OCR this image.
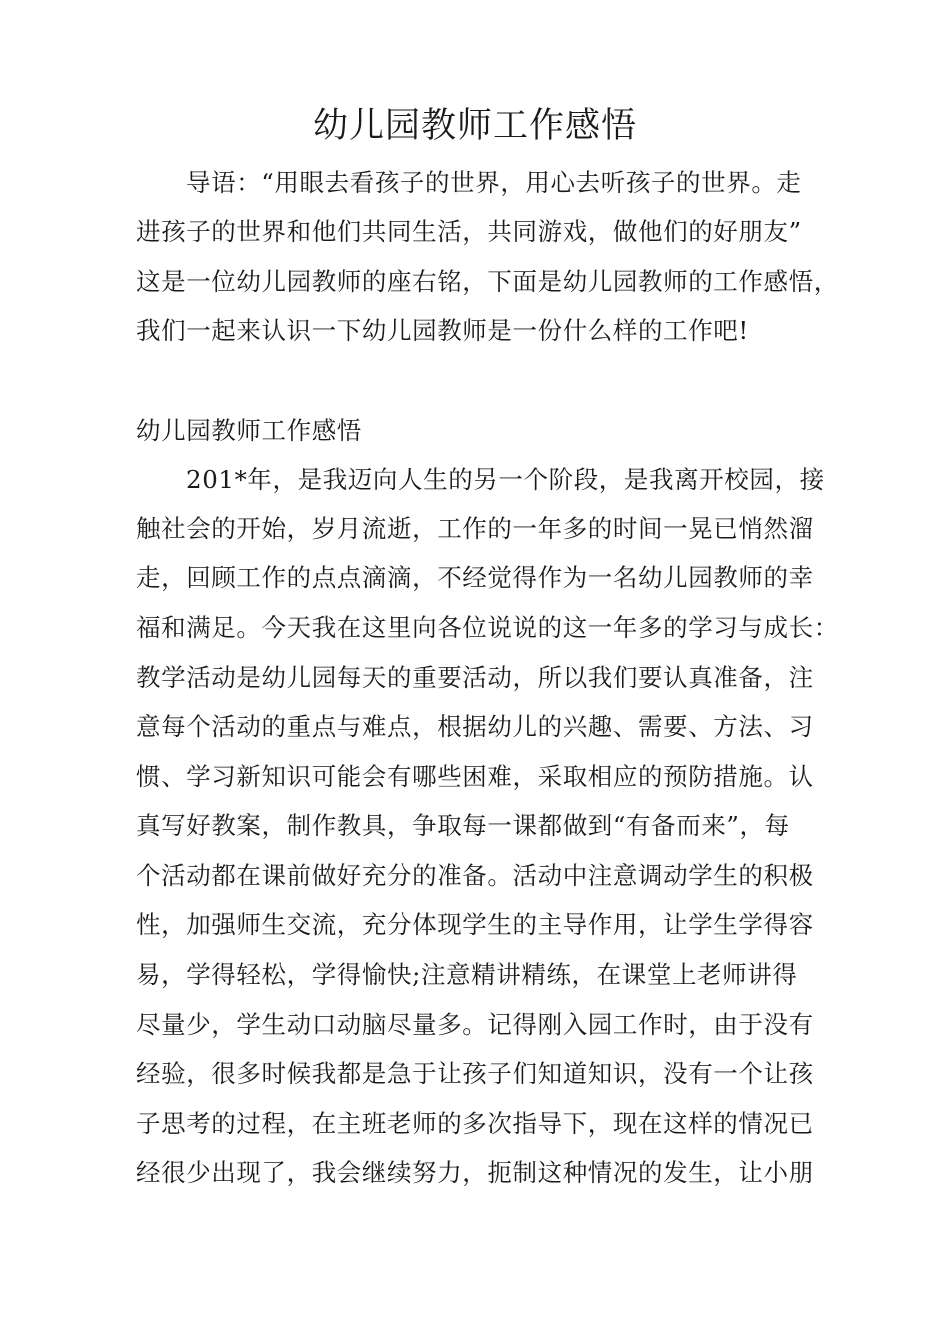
幼儿园教师工作感悟
导语：“用眼去看孩子的世界，用心去听孩子的世界。走
进孩子的世界和他们共同生活，共同游戏，做他们的好朋友”
这是一位幼儿园教师的座右铭，下面是幼儿园教师的工作感悟，
我们一起来认识一下幼儿园教师是一份什么样的工作吧!
幼儿园教师工作感悟
201*年，是我迈向人生的另一个阶段，是我离开校园，接
触社会的开始，岁月流逝，工作的一年多的时间一晃已悄然溜
走，回顾工作的点点滴滴，不经觉得作为一名幼儿园教师的幸
福和满足。今天我在这里向各位说说的这一年多的学习与成长：
教学活动是幼儿园每天的重要活动，所以我们要认真准备，注
意每个活动的重点与难点，根据幼儿的兴趣、需要、方法、习
惯、学习新知识可能会有哪些困难，采取相应的预防措施。认
真写好教案，制作教具，争取每一课都做到“有备而来”，每
个活动都在课前做好充分的准备。活动中注意调动学生的积极
性，加强师生交流，充分体现学生的主导作用，让学生学得容
易，学得轻松，学得愉快;注意精讲精练，在课堂上老师讲得
尽量少，学生动口动脑尽量多。记得刚入园工作时，由于没有
经验，很多时候我都是急于让孩子们知道知识，没有一个让孩
子思考的过程，在主班老师的多次指导下，现在这样的情况已
经很少出现了，我会继续努力，扼制这种情况的发生，让小朋
